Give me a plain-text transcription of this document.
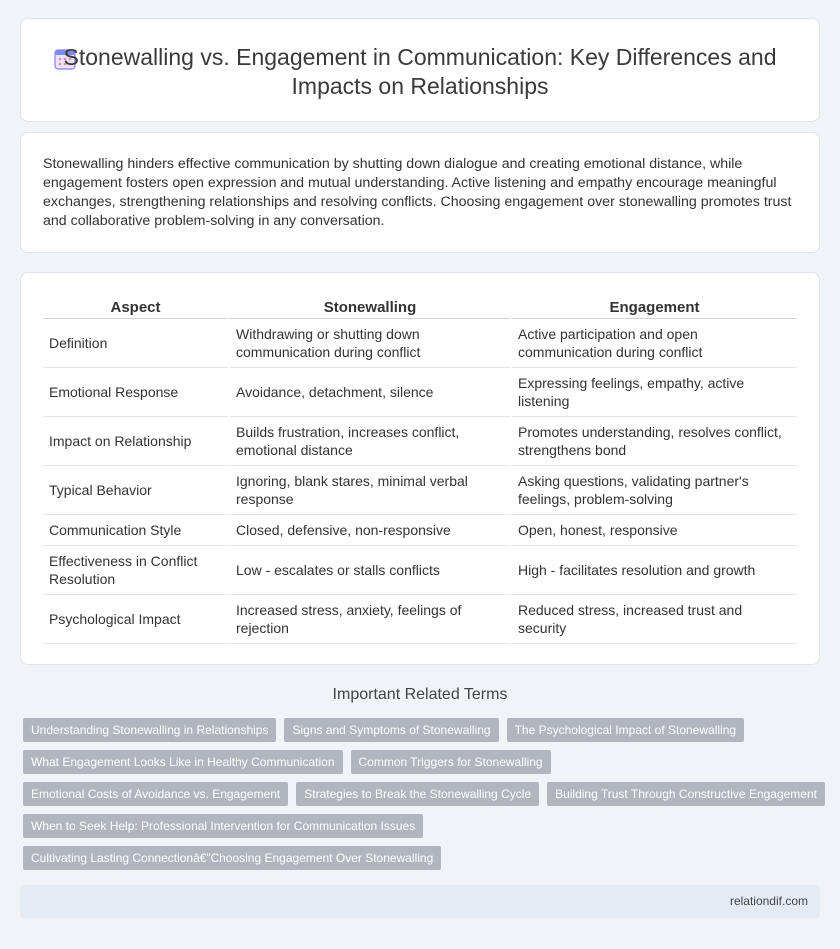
Stonewalling vs. Engagement in Communication: Key Differences and Impacts on Relationships

Stonewalling hinders effective communication by shutting down dialogue and creating emotional distance, while engagement fosters open expression and mutual understanding. Active listening and empathy encourage meaningful exchanges, strengthening relationships and resolving conflicts. Choosing engagement over stonewalling promotes trust and collaborative problem-solving in any conversation.

Aspect	Stonewalling	Engagement
Definition	Withdrawing or shutting down communication during conflict	Active participation and open communication during conflict
Emotional Response	Avoidance, detachment, silence	Expressing feelings, empathy, active listening
Impact on Relationship	Builds frustration, increases conflict, emotional distance	Promotes understanding, resolves conflict, strengthens bond
Typical Behavior	Ignoring, blank stares, minimal verbal response	Asking questions, validating partner's feelings, problem-solving
Communication Style	Closed, defensive, non-responsive	Open, honest, responsive
Effectiveness in Conflict Resolution	Low - escalates or stalls conflicts	High - facilitates resolution and growth
Psychological Impact	Increased stress, anxiety, feelings of rejection	Reduced stress, increased trust and security
Important Related Terms
Understanding Stonewalling in Relationships	Signs and Symptoms of Stonewalling	The Psychological Impact of Stonewalling
What Engagement Looks Like in Healthy Communication	Common Triggers for Stonewalling
Emotional Costs of Avoidance vs. Engagement	Strategies to Break the Stonewalling Cycle	Building Trust Through Constructive Engagement
When to Seek Help: Professional Intervention for Communication Issues
Cultivating Lasting Connectionâ€”Choosing Engagement Over Stonewalling
relationdif.com
